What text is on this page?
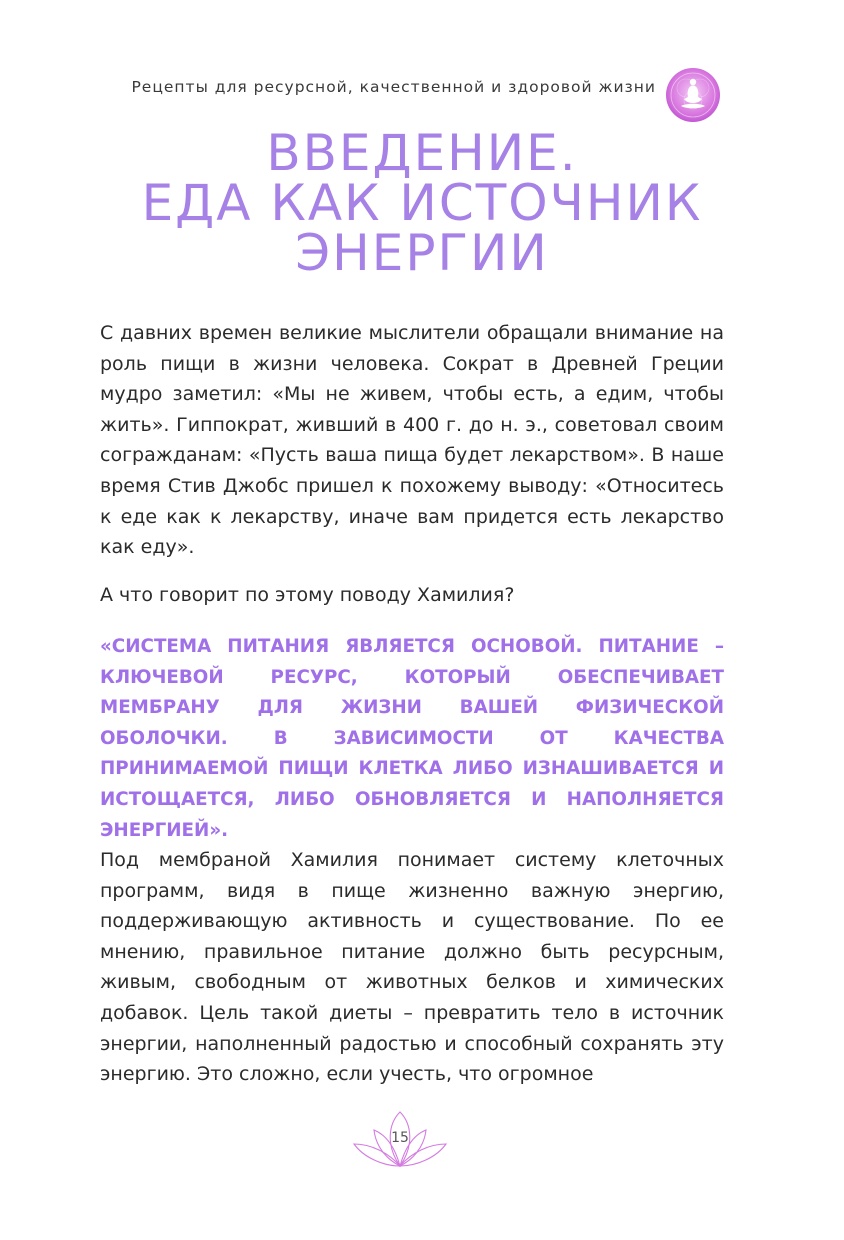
Рецепты для ресурсной, качественной и здоровой жизни
ВВЕДЕНИЕ.
ЕДА КАК ИСТОЧНИК
ЭНЕРГИИ

С давних времен великие мыслители обращали внимание на роль пищи в жизни человека. Сократ в Древней Греции мудро заметил: «Мы не живем, чтобы есть, а едим, чтобы жить». Гиппократ, живший в 400 г. до н. э., советовал своим согражданам: «Пусть ваша пища будет лекарством». В наше время Стив Джобс пришел к похожему выводу: «Относитесь к еде как к лекарству, иначе вам придется есть лекарство как еду».

А что говорит по этому поводу Хамилия?

«СИСТЕМА ПИТАНИЯ ЯВЛЯЕТСЯ ОСНОВОЙ. ПИТАНИЕ – КЛЮЧЕВОЙ РЕСУРС, КОТОРЫЙ ОБЕСПЕЧИВАЕТ МЕМБРАНУ ДЛЯ ЖИЗНИ ВАШЕЙ ФИЗИЧЕСКОЙ ОБОЛОЧКИ. В ЗАВИСИМОСТИ ОТ КАЧЕСТВА ПРИНИМАЕМОЙ ПИЩИ КЛЕТКА ЛИБО ИЗНАШИВАЕТСЯ И ИСТОЩАЕТСЯ, ЛИБО ОБНОВЛЯЕТСЯ И НАПОЛНЯЕТСЯ ЭНЕРГИЕЙ».

Под мембраной Хамилия понимает систему клеточных программ, видя в пище жизненно важную энергию, поддерживающую активность и существование. По ее мнению, правильное питание должно быть ресурсным, живым, свободным от животных белков и химических добавок. Цель такой диеты – превратить тело в источник энергии, наполненный радостью и способный сохранять эту энергию. Это сложно, если учесть, что огромное

15
